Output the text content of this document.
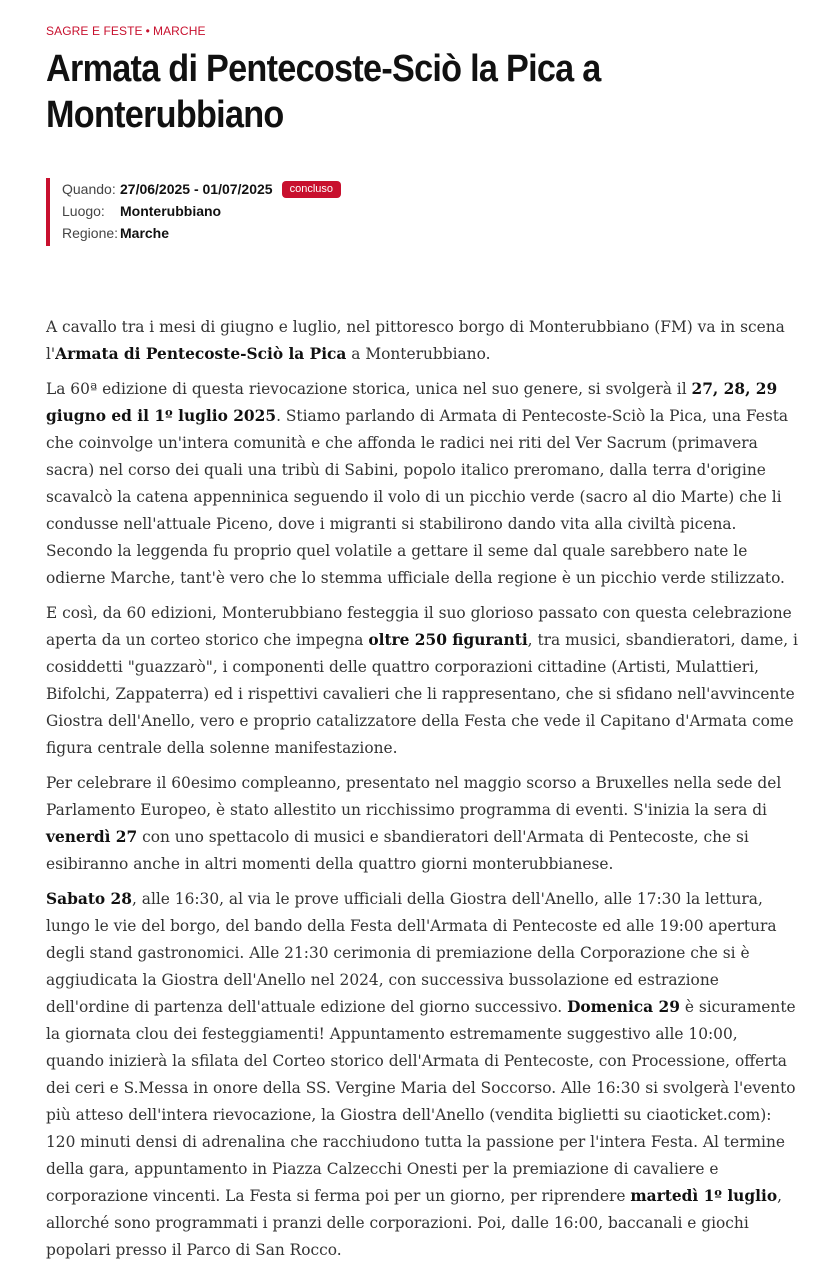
SAGRE E FESTE • MARCHE
Armata di Pentecoste-Sciò la Pica a Monterubbiano
Quando: 27/06/2025 - 01/07/2025	concluso
Luogo:	Monterubbiano
Regione: Marche

A cavallo tra i mesi di giugno e luglio, nel pittoresco borgo di Monterubbiano (FM) va in scena l'Armata di Pentecoste-Sciò la Pica a Monterubbiano.

La 60ª edizione di questa rievocazione storica, unica nel suo genere, si svolgerà il 27, 28, 29 giugno ed il 1º luglio 2025. Stiamo parlando di Armata di Pentecoste-Sciò la Pica, una Festa che coinvolge un'intera comunità e che affonda le radici nei riti del Ver Sacrum (primavera sacra) nel corso dei quali una tribù di Sabini, popolo italico preromano, dalla terra d'origine scavalcò la catena appenninica seguendo il volo di un picchio verde (sacro al dio Marte) che li condusse nell'attuale Piceno, dove i migranti si stabilirono dando vita alla civiltà picena. Secondo la leggenda fu proprio quel volatile a gettare il seme dal quale sarebbero nate le odierne Marche, tant'è vero che lo stemma ufficiale della regione è un picchio verde stilizzato.

E così, da 60 edizioni, Monterubbiano festeggia il suo glorioso passato con questa celebrazione aperta da un corteo storico che impegna oltre 250 figuranti, tra musici, sbandieratori, dame, i cosiddetti "guazzarò", i componenti delle quattro corporazioni cittadine (Artisti, Mulattieri, Bifolchi, Zappaterra) ed i rispettivi cavalieri che li rappresentano, che si sfidano nell'avvincente Giostra dell'Anello, vero e proprio catalizzatore della Festa che vede il Capitano d'Armata come figura centrale della solenne manifestazione.

Per celebrare il 60esimo compleanno, presentato nel maggio scorso a Bruxelles nella sede del Parlamento Europeo, è stato allestito un ricchissimo programma di eventi. S'inizia la sera di venerdì 27 con uno spettacolo di musici e sbandieratori dell'Armata di Pentecoste, che si esibiranno anche in altri momenti della quattro giorni monterubbianese.

Sabato 28, alle 16:30, al via le prove ufficiali della Giostra dell'Anello, alle 17:30 la lettura, lungo le vie del borgo, del bando della Festa dell'Armata di Pentecoste ed alle 19:00 apertura degli stand gastronomici. Alle 21:30 cerimonia di premiazione della Corporazione che si è aggiudicata la Giostra dell'Anello nel 2024, con successiva bussolazione ed estrazione dell'ordine di partenza dell'attuale edizione del giorno successivo. Domenica 29 è sicuramente la giornata clou dei festeggiamenti! Appuntamento estremamente suggestivo alle 10:00, quando inizierà la sfilata del Corteo storico dell'Armata di Pentecoste, con Processione, offerta dei ceri e S.Messa in onore della SS. Vergine Maria del Soccorso. Alle 16:30 si svolgerà l'evento più atteso dell'intera rievocazione, la Giostra dell'Anello (vendita biglietti su ciaoticket.com): 120 minuti densi di adrenalina che racchiudono tutta la passione per l'intera Festa. Al termine della gara, appuntamento in Piazza Calzecchi Onesti per la premiazione di cavaliere e corporazione vincenti. La Festa si ferma poi per un giorno, per riprendere martedì 1º luglio, allorché sono programmati i pranzi delle corporazioni. Poi, dalle 16:00, baccanali e giochi popolari presso il Parco di San Rocco.
